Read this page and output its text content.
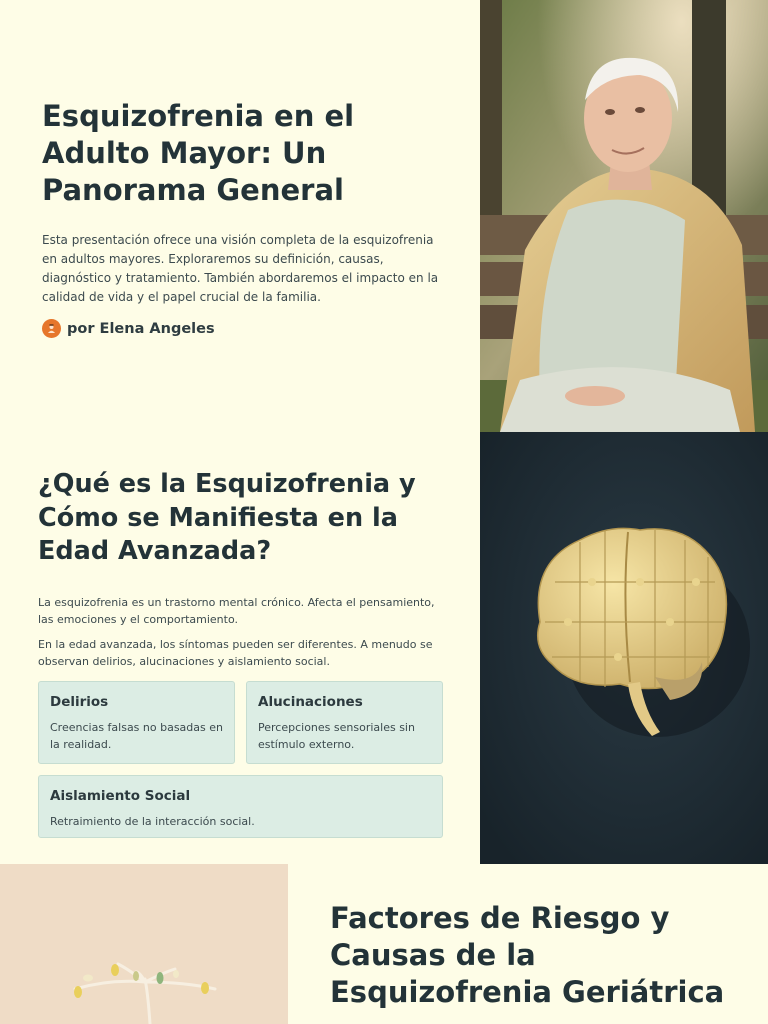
Esquizofrenia en el Adulto Mayor: Un Panorama General

Esta presentación ofrece una visión completa de la esquizofrenia en adultos mayores. Exploraremos su definición, causas, diagnóstico y tratamiento. También abordaremos el impacto en la calidad de vida y el papel crucial de la familia.

por Elena Angeles
¿Qué es la Esquizofrenia y Cómo se Manifiesta en la Edad Avanzada?

La esquizofrenia es un trastorno mental crónico. Afecta el pensamiento, las emociones y el comportamiento.

En la edad avanzada, los síntomas pueden ser diferentes. A menudo se observan delirios, alucinaciones y aislamiento social.

Delirios
Creencias falsas no basadas en la realidad.
Alucinaciones
Percepciones sensoriales sin estímulo externo.
Aislamiento Social
Retraimiento de la interacción social.
Factores de Riesgo y Causas de la Esquizofrenia Geriátrica
